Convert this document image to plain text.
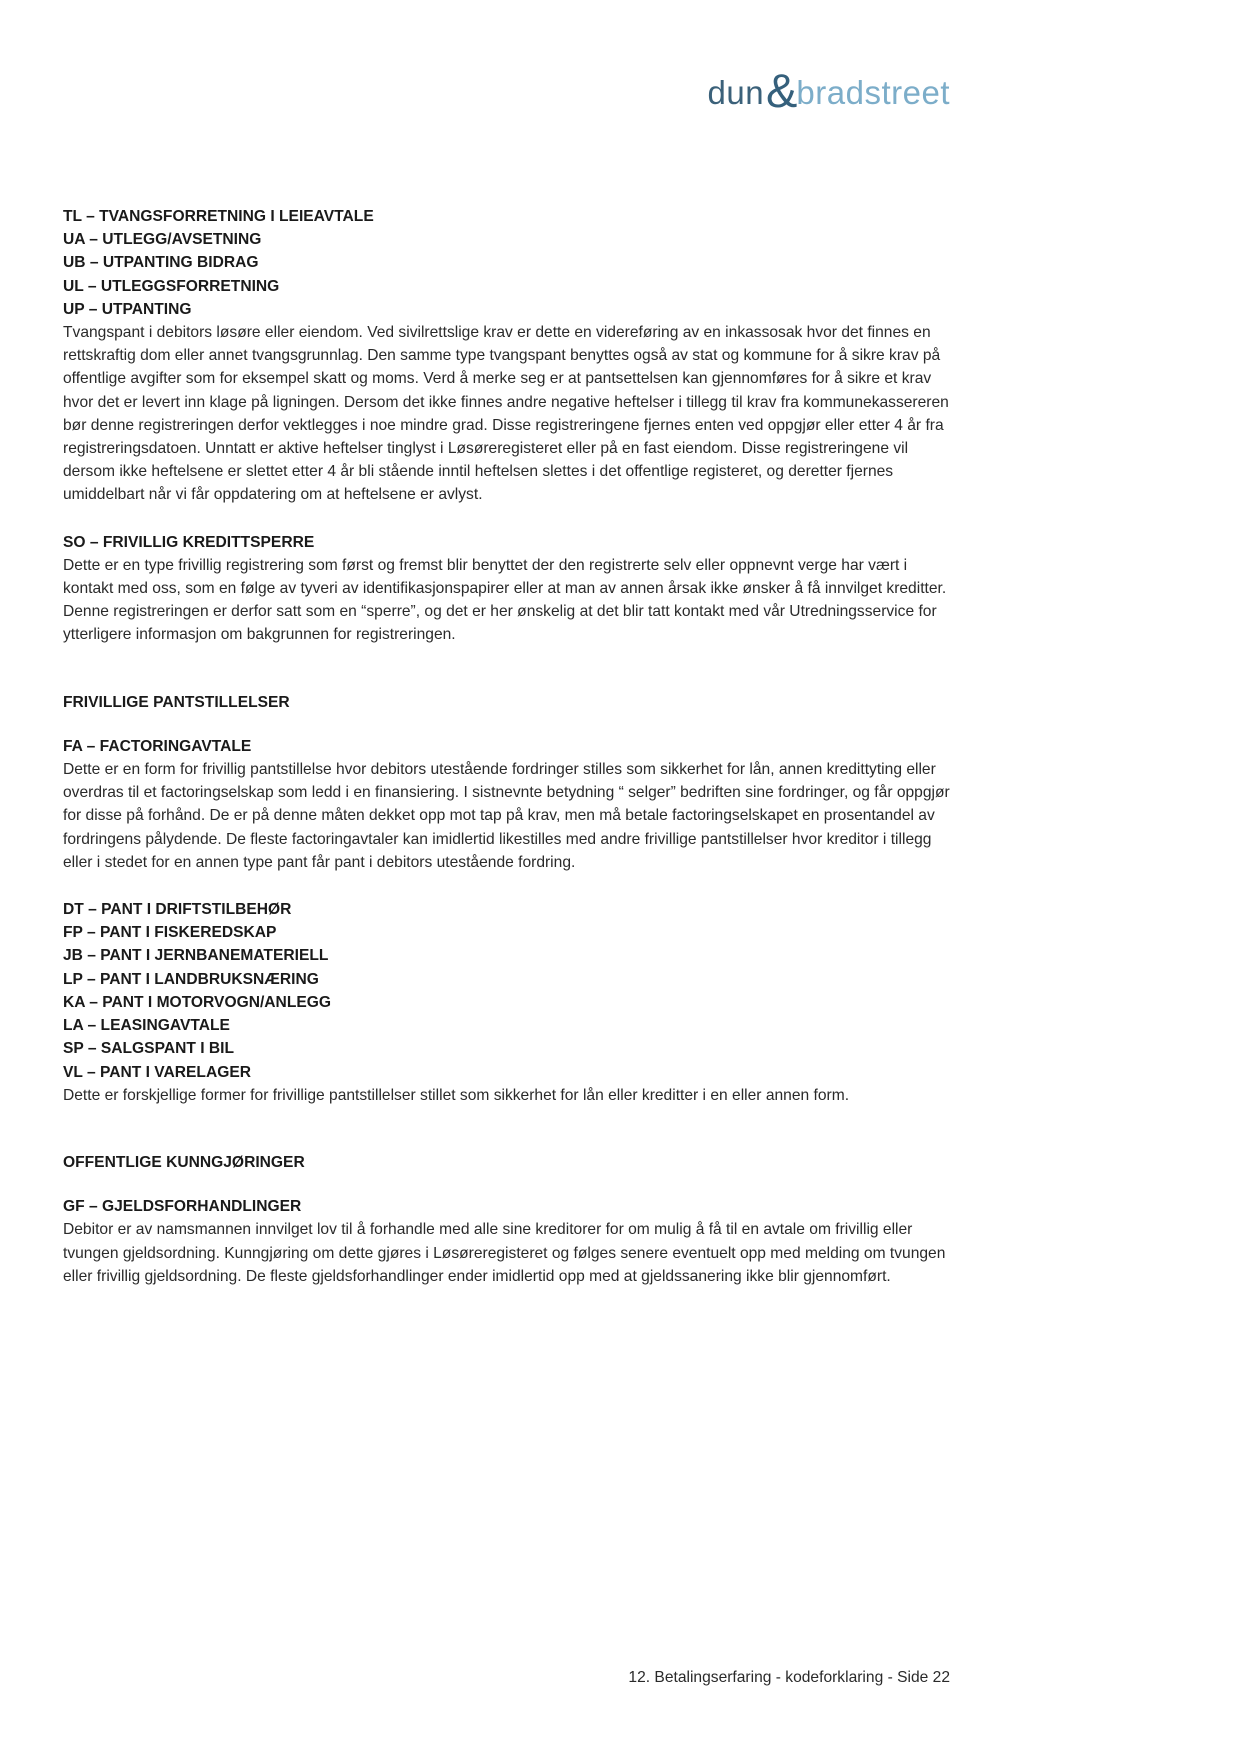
dun & bradstreet
TL – TVANGSFORRETNING I LEIEAVTALE
UA – UTLEGG/AVSETNING
UB – UTPANTING BIDRAG
UL – UTLEGGSFORRETNING
UP – UTPANTING
Tvangspant i debitors løsøre eller eiendom. Ved sivilrettslige krav er dette en videreføring av en inkassosak hvor det finnes en rettskraftig dom eller annet tvangsgrunnlag. Den samme type tvangspant benyttes også av stat og kommune for å sikre krav på offentlige avgifter som for eksempel skatt og moms. Verd å merke seg er at pantsettelsen kan gjennomføres for å sikre et krav hvor det er levert inn klage på ligningen. Dersom det ikke finnes andre negative heftelser i tillegg til krav fra kommunekassereren bør denne registreringen derfor vektlegges i noe mindre grad. Disse registreringene fjernes enten ved oppgjør eller etter 4 år fra registreringsdatoen. Unntatt er aktive heftelser tinglyst i Løsøreregisteret eller på en fast eiendom. Disse registreringene vil dersom ikke heftelsene er slettet etter 4 år bli stående inntil heftelsen slettes i det offentlige registeret, og deretter fjernes umiddelbart når vi får oppdatering om at heftelsene er avlyst.
SO – FRIVILLIG KREDITTSPERRE
Dette er en type frivillig registrering som først og fremst blir benyttet der den registrerte selv eller oppnevnt verge har vært i kontakt med oss, som en følge av tyveri av identifikasjonspapirer eller at man av annen årsak ikke ønsker å få innvilget kreditter. Denne registreringen er derfor satt som en “sperre”, og det er her ønskelig at det blir tatt kontakt med vår Utredningsservice for ytterligere informasjon om bakgrunnen for registreringen.
FRIVILLIGE PANTSTILLELSER
FA – FACTORINGAVTALE
Dette er en form for frivillig pantstillelse hvor debitors utestående fordringer stilles som sikkerhet for lån, annen kredittyting eller overdras til et factoringselskap som ledd i en finansiering. I sistnevnte betydning “ selger” bedriften sine fordringer, og får oppgjør for disse på forhånd. De er på denne måten dekket opp mot tap på krav, men må betale factoringselskapet en prosentandel av fordringens pålydende. De fleste factoringavtaler kan imidlertid likestilles med andre frivillige pantstillelser hvor kreditor i tillegg eller i stedet for en annen type pant får pant i debitors utestående fordring.
DT – PANT I DRIFTSTILBEHØR
FP – PANT I FISKEREDSKAP
JB – PANT I JERNBANEMATERIELL
LP – PANT I LANDBRUKSNÆRING
KA – PANT I MOTORVOGN/ANLEGG
LA – LEASINGAVTALE
SP – SALGSPANT I BIL
VL – PANT I VARELAGER
Dette er forskjellige former for frivillige pantstillelser stillet som sikkerhet for lån eller kreditter i en eller annen form.
OFFENTLIGE KUNNGJØRINGER
GF – GJELDSFORHANDLINGER
Debitor er av namsmannen innvilget lov til å forhandle med alle sine kreditorer for om mulig å få til en avtale om frivillig eller tvungen gjeldsordning. Kunngjøring om dette gjøres i Løsøreregisteret og følges senere eventuelt opp med melding om tvungen eller frivillig gjeldsordning. De fleste gjeldsforhandlinger ender imidlertid opp med at gjeldssanering ikke blir gjennomført.
12. Betalingserfaring - kodeforklaring - Side 22
